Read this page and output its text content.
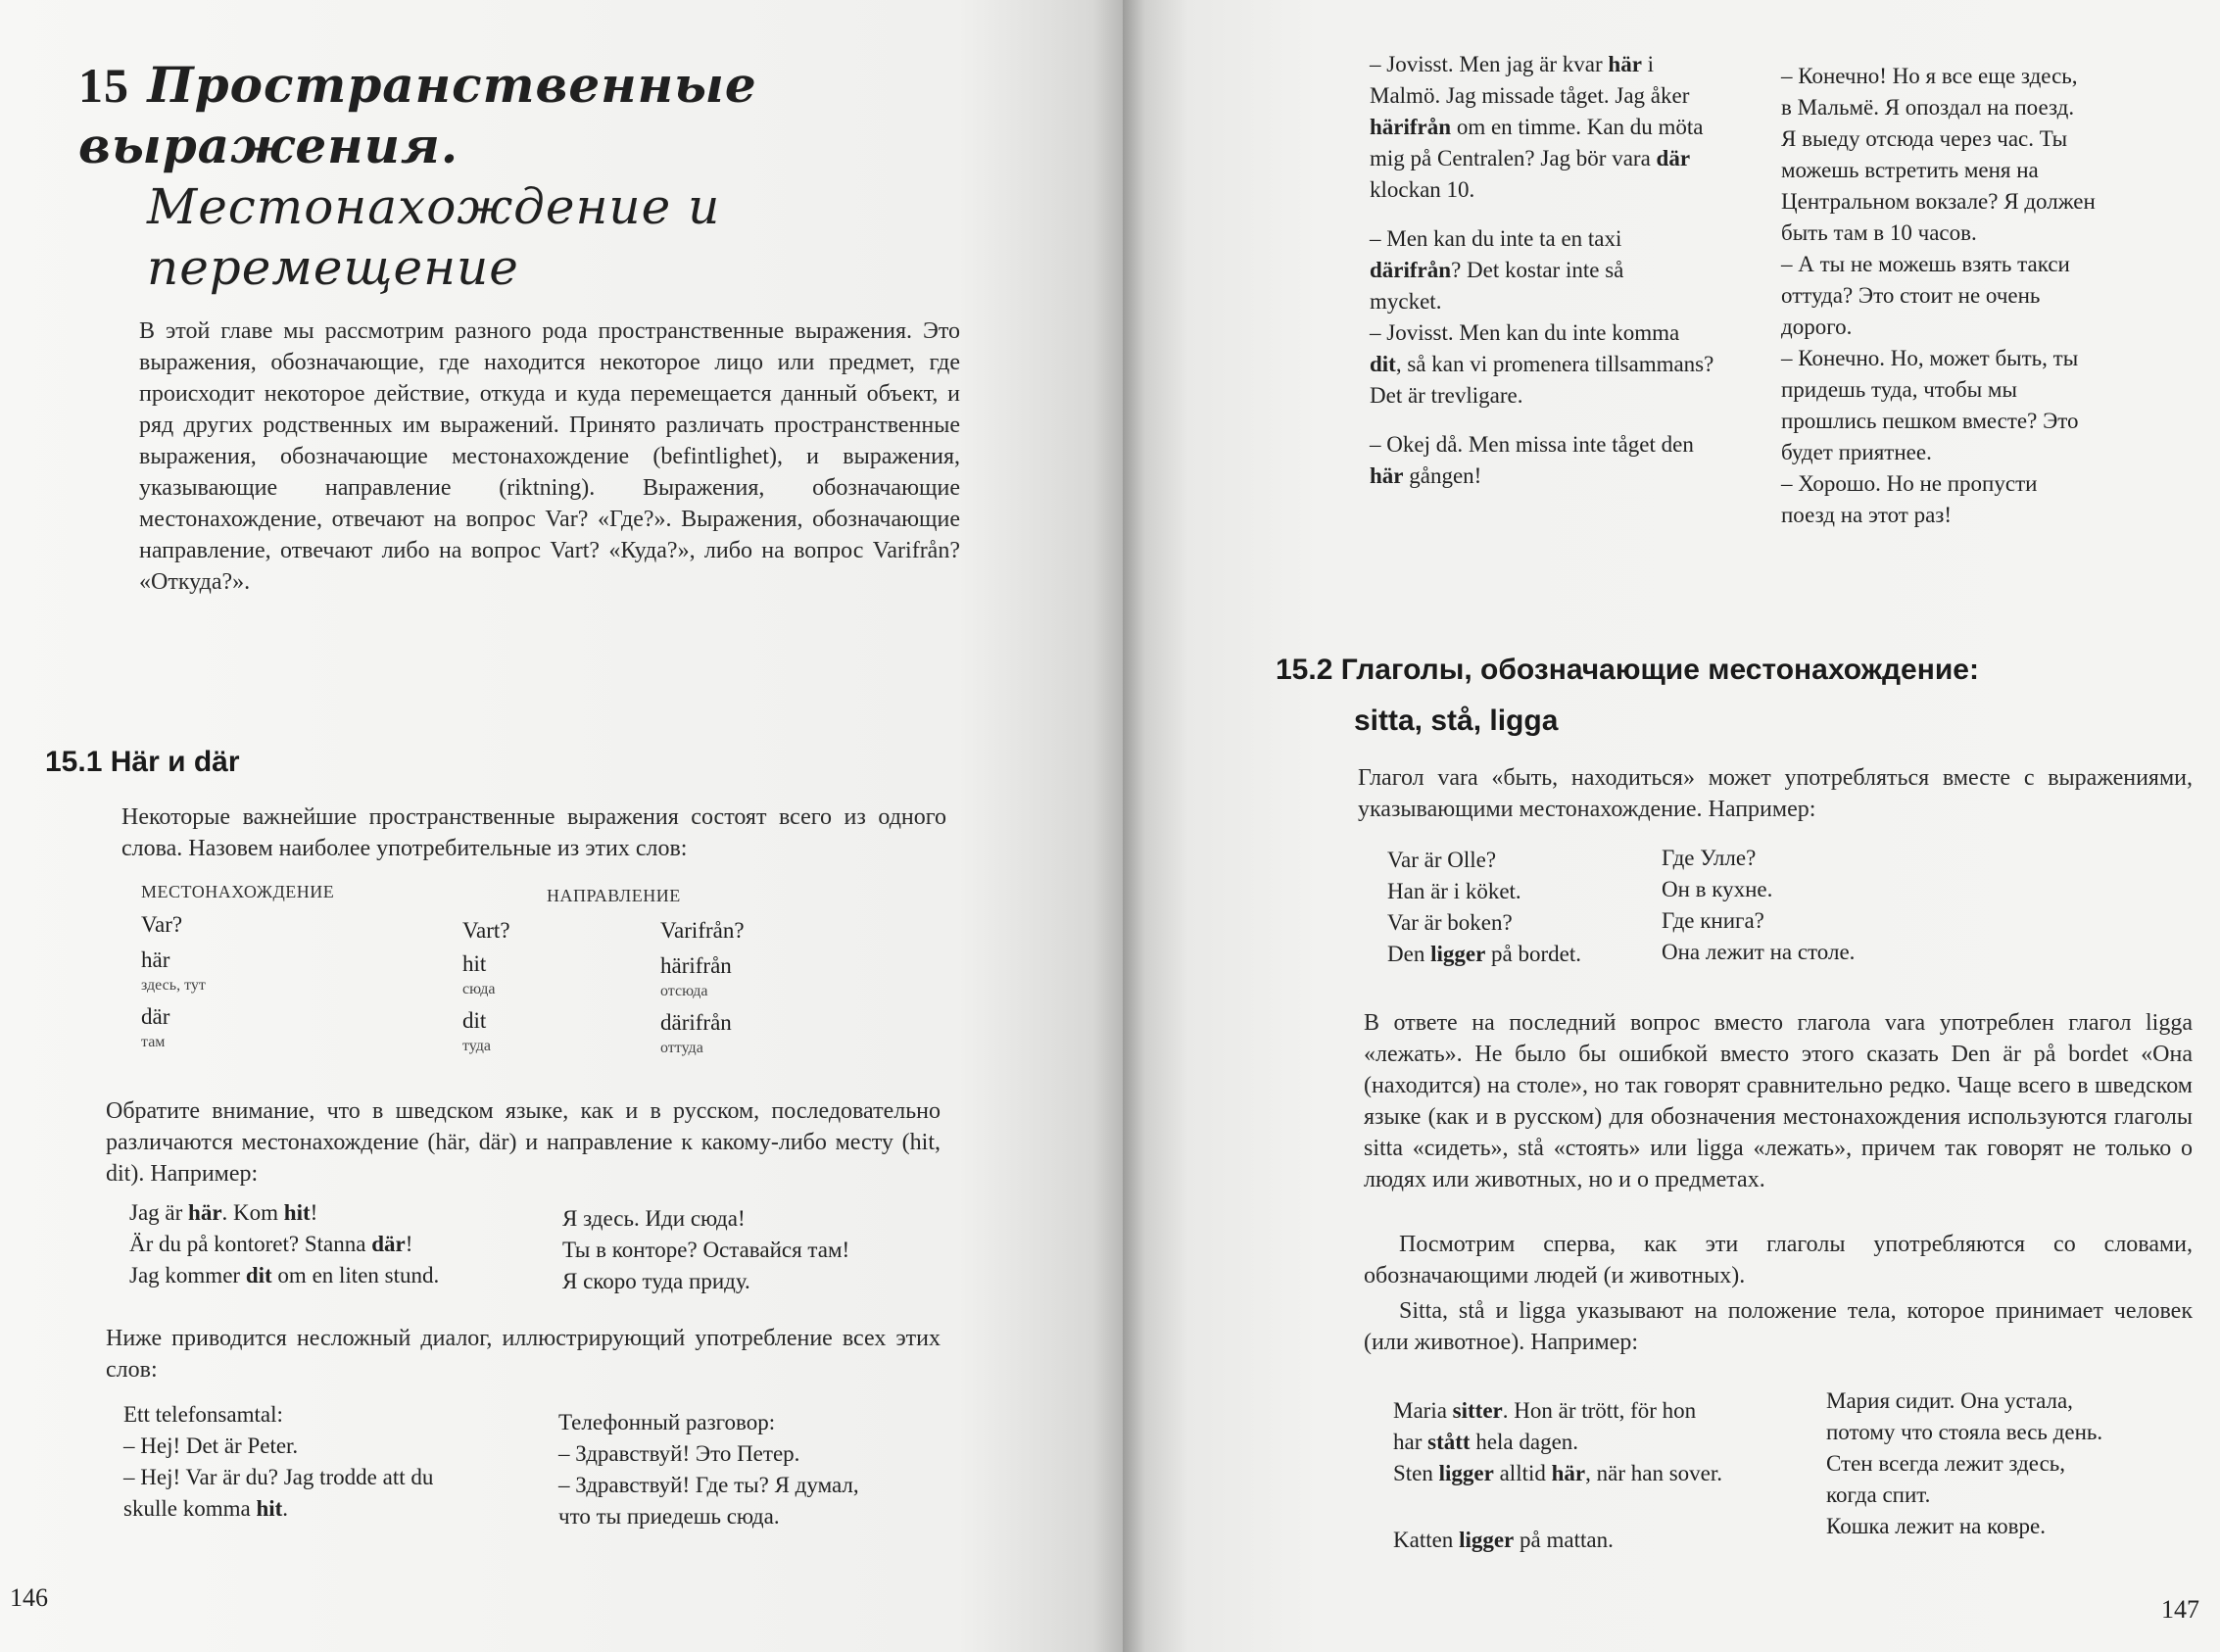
15 Пространственные выражения.
Местонахождение и
перемещение

В этой главе мы рассмотрим разного рода пространственные выражения. Это выражения, обозначающие, где находится некоторое лицо или предмет, где происходит некоторое действие, откуда и куда перемещается данный объект, и ряд других родственных им выражений. Принято различать пространственные выражения, обозначающие местонахождение (befintlighet), и выражения, указывающие направление (riktning). Выражения, обозначающие местонахождение, отвечают на вопрос Var? «Где?». Выражения, обозначающие направление, отвечают либо на вопрос Vart? «Куда?», либо на вопрос Varifrån? «Откуда?».

15.1 Här и där

Некоторые важнейшие пространственные выражения состоят всего из одного слова. Назовем наиболее употребительные из этих слов:

МЕСТОНАХОЖДЕНИЕ	НАПРАВЛЕНИЕ
Var?	Vart?	Varifrån?
här	hit	härifrån
здесь, тут	сюда	отсюда
där	dit	därifrån
там	туда	оттуда

Обратите внимание, что в шведском языке, как и в русском, последовательно различаются местонахождение (här, där) и направление к какому-либо месту (hit, dit). Например:

Jag är här. Kom hit!

Är du på kontoret? Stanna där!

Jag kommer dit om en liten stund.

Я здесь. Иди сюда!

Ты в конторе? Оставайся там!

Я скоро туда приду.

Ниже приводится несложный диалог, иллюстрирующий употребление всех этих слов:

Ett telefonsamtal:

– Hej! Det är Peter.

– Hej! Var är du? Jag trodde att du

skulle komma hit.

Телефонный разговор:

– Здравствуй! Это Петер.

– Здравствуй! Где ты? Я думал,

что ты приедешь сюда.

146

– Jovisst. Men jag är kvar här i

Malmö. Jag missade tåget. Jag åker

härifrån om en timme. Kan du möta

mig på Centralen? Jag bör vara där

klockan 10.

– Men kan du inte ta en taxi

därifrån? Det kostar inte så

mycket.

– Jovisst. Men kan du inte komma

dit, så kan vi promenera tillsammans?

Det är trevligare.

– Okej då. Men missa inte tåget den

här gången!

– Конечно! Но я все еще здесь,

в Мальмё. Я опоздал на поезд.

Я выеду отсюда через час. Ты

можешь встретить меня на

Центральном вокзале? Я должен

быть там в 10 часов.

– А ты не можешь взять такси

оттуда? Это стоит не очень

дорого.

– Конечно. Но, может быть, ты

придешь туда, чтобы мы

прошлись пешком вместе? Это

будет приятнее.

– Хорошо. Но не пропусти

поезд на этот раз!

15.2 Глаголы, обозначающие местонахождение:
sitta, stå, ligga

Глагол vara «быть, находиться» может употребляться вместе с выражениями, указывающими местонахождение. Например:

Var är Olle?

Han är i köket.

Var är boken?

Den ligger på bordet.

Где Улле?

Он в кухне.

Где книга?

Она лежит на столе.

В ответе на последний вопрос вместо глагола vara употреблен глагол ligga «лежать». Не было бы ошибкой вместо этого сказать Den är på bordet «Она (находится) на столе», но так говорят сравнительно редко. Чаще всего в шведском языке (как и в русском) для обозначения местонахождения используются глаголы sitta «сидеть», stå «стоять» или ligga «лежать», причем так говорят не только о людях или животных, но и о предметах.

Посмотрим сперва, как эти глаголы употребляются со словами, обозначающими людей (и животных).

Sitta, stå и ligga указывают на положение тела, которое принимает человек (или животное). Например:

Maria sitter. Hon är trött, för hon

har stått hela dagen.

Sten ligger alltid här, när han sover.

Katten ligger på mattan.

Мария сидит. Она устала,

потому что стояла весь день.

Стен всегда лежит здесь,

когда спит.

Кошка лежит на ковре.

147
